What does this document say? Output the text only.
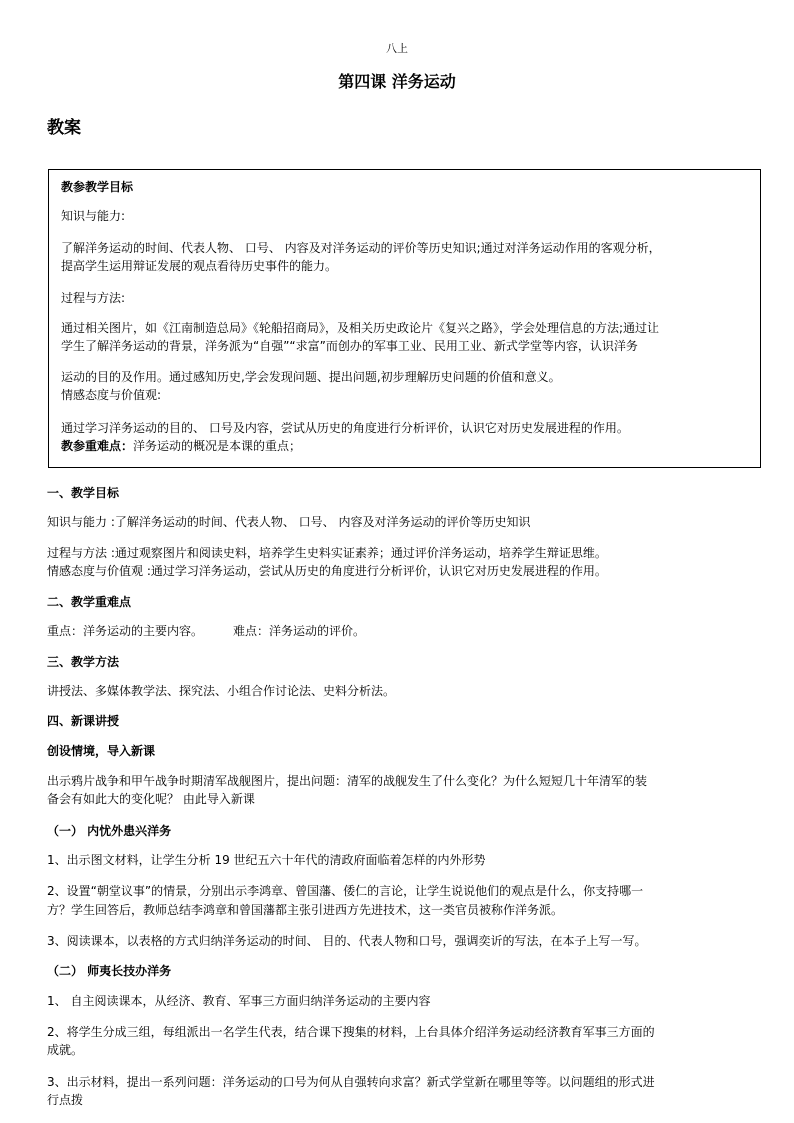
八上
第四课 洋务运动
教案
教参教学目标
知识与能力:
了解洋务运动的时间、代表人物、 口号、 内容及对洋务运动的评价等历史知识;通过对洋务运动作用的客观分析，
提高学生运用辩证发展的观点看待历史事件的能力。
过程与方法:
通过相关图片，如《江南制造总局》《轮船招商局》，及相关历史政论片《复兴之路》，学会处理信息的方法;通过让
学生了解洋务运动的背景，洋务派为“自强”“求富”而创办的军事工业、民用工业、新式学堂等内容，认识洋务
运动的目的及作用。通过感知历史,学会发现问题、提出问题,初步理解历史问题的价值和意义。
情感态度与价值观:
通过学习洋务运动的目的、 口号及内容，尝试从历史的角度进行分析评价，认识它对历史发展进程的作用。
教参重难点：洋务运动的概况是本课的重点；
一、教学目标
知识与能力 :了解洋务运动的时间、代表人物、 口号、 内容及对洋务运动的评价等历史知识
过程与方法 :通过观察图片和阅读史料，培养学生史料实证素养；通过评价洋务运动，培养学生辩证思维。
情感态度与价值观 :通过学习洋务运动，尝试从历史的角度进行分析评价，认识它对历史发展进程的作用。
二、教学重难点
重点：洋务运动的主要内容。	难点：洋务运动的评价。
三、教学方法
讲授法、多媒体教学法、探究法、小组合作讨论法、史料分析法。
四、新课讲授
创设情境，导入新课
出示鸦片战争和甲午战争时期清军战舰图片，提出问题：清军的战舰发生了什么变化？为什么短短几十年清军的装
备会有如此大的变化呢？ 由此导入新课
（一） 内忧外患兴洋务
1、出示图文材料，让学生分析 19 世纪五六十年代的清政府面临着怎样的内外形势
2、设置“朝堂议事”的情景，分别出示李鸿章、曾国藩、倭仁的言论，让学生说说他们的观点是什么，你支持哪一
方？学生回答后，教师总结李鸿章和曾国藩都主张引进西方先进技术，这一类官员被称作洋务派。
3、阅读课本，以表格的方式归纳洋务运动的时间、 目的、代表人物和口号，强调奕䜣的写法，在本子上写一写。
（二） 师夷长技办洋务
1、 自主阅读课本，从经济、教育、军事三方面归纳洋务运动的主要内容
2、将学生分成三组，每组派出一名学生代表，结合课下搜集的材料，上台具体介绍洋务运动经济教育军事三方面的
成就。
3、出示材料，提出一系列问题：洋务运动的口号为何从自强转向求富？新式学堂新在哪里等等。以问题组的形式进
行点拨
